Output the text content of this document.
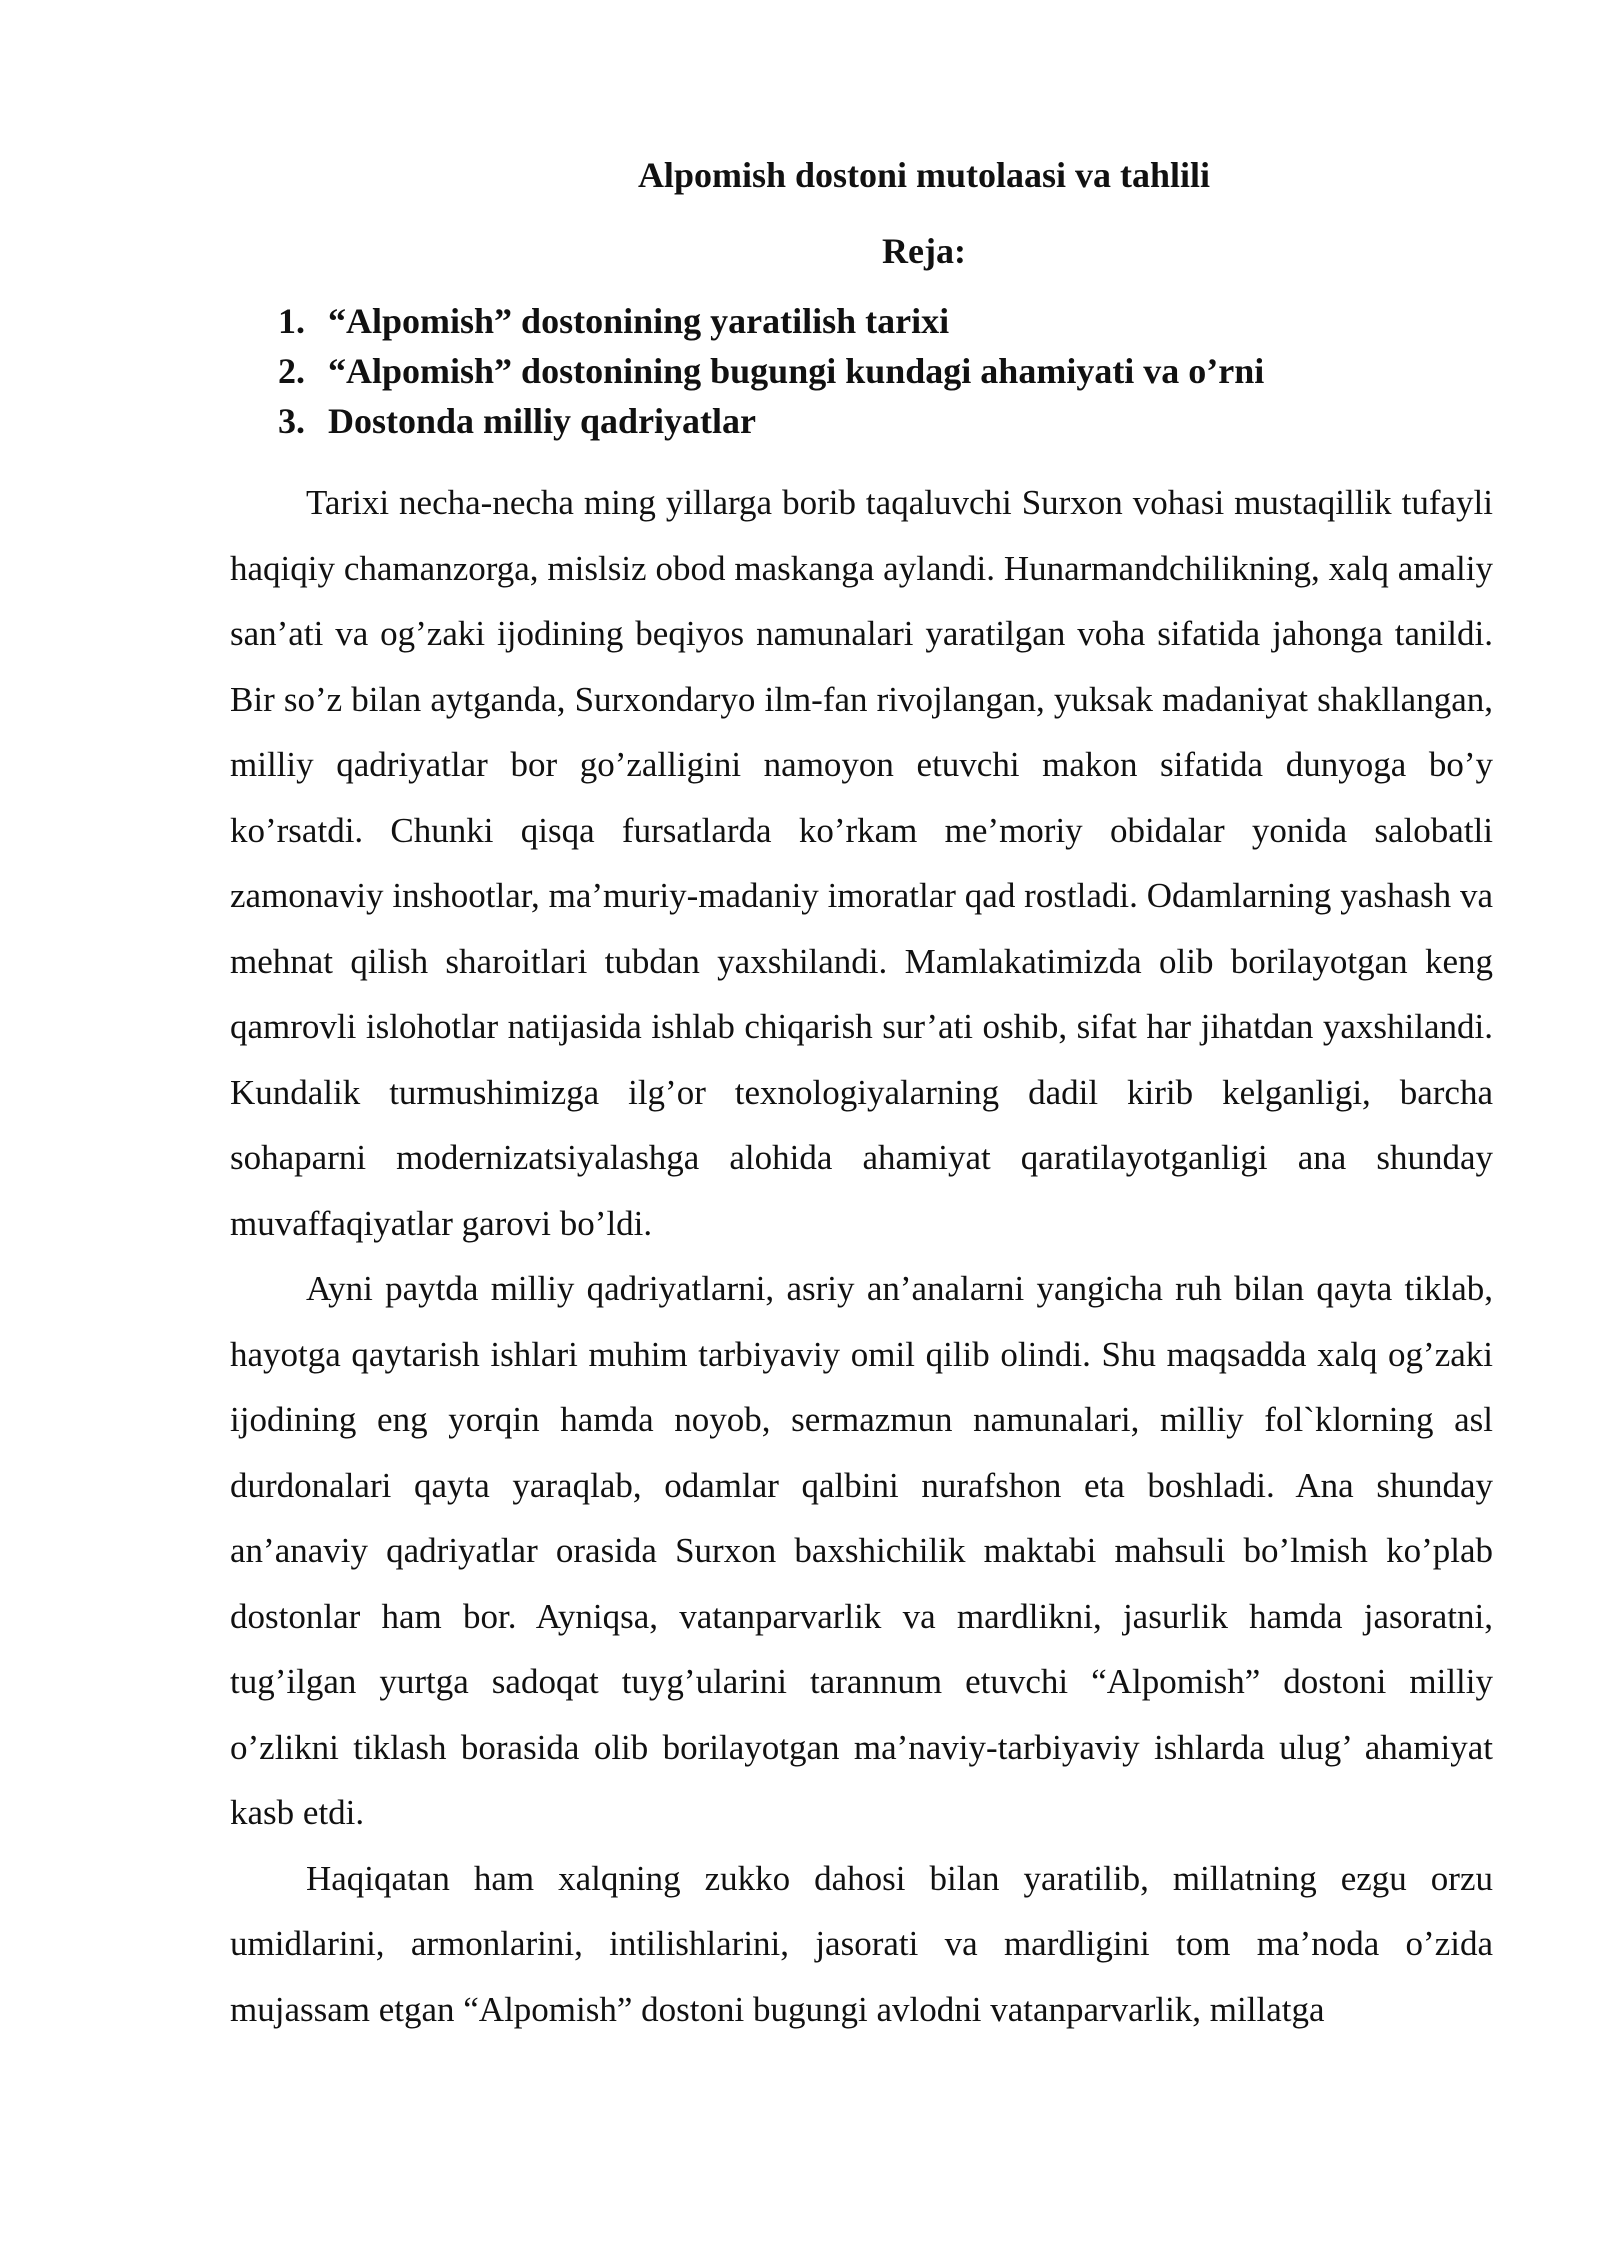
Alpomish dostoni mutolaasi va tahlili
Reja:
1. “Alpomish” dostonining yaratilish tarixi
2. “Alpomish” dostonining bugungi kundagi ahamiyati va o’rni
3. Dostonda milliy qadriyatlar

Tarixi necha-necha ming yillarga borib taqaluvchi Surxon vohasi mustaqillik tufayli haqiqiy chamanzorga, mislsiz obod maskanga aylandi. Hunarmandchilikning, xalq amaliy san’ati va og’zaki ijodining beqiyos namunalari yaratilgan voha sifatida jahonga tanildi. Bir so’z bilan aytganda, Surxondaryo ilm-fan rivojlangan, yuksak madaniyat shakllangan, milliy qadriyatlar bor go’zalligini namoyon etuvchi makon sifatida dunyoga bo’y ko’rsatdi. Chunki qisqa fursatlarda ko’rkam me’moriy obidalar yonida salobatli zamonaviy inshootlar, ma’muriy-madaniy imoratlar qad rostladi. Odamlarning yashash va mehnat qilish sharoitlari tubdan yaxshilandi. Mamlakatimizda olib borilayotgan keng qamrovli islohotlar natijasida ishlab chiqarish sur’ati oshib, sifat har jihatdan yaxshilandi. Kundalik turmushimizga ilg’or texnologiyalarning dadil kirib kelganligi, barcha sohaparni modernizatsiyalashga alohida ahamiyat qaratilayotganligi ana shunday muvaffaqiyatlar garovi bo’ldi.

Ayni paytda milliy qadriyatlarni, asriy an’analarni yangicha ruh bilan qayta tiklab, hayotga qaytarish ishlari muhim tarbiyaviy omil qilib olindi. Shu maqsadda xalq og’zaki ijodining eng yorqin hamda noyob, sermazmun namunalari, milliy fol`klorning asl durdonalari qayta yaraqlab, odamlar qalbini nurafshon eta boshladi. Ana shunday an’anaviy qadriyatlar orasida Surxon baxshichilik maktabi mahsuli bo’lmish ko’plab dostonlar ham bor. Ayniqsa, vatanparvarlik va mardlikni, jasurlik hamda jasoratni, tug’ilgan yurtga sadoqat tuyg’ularini tarannum etuvchi “Alpomish” dostoni milliy o’zlikni tiklash borasida olib borilayotgan ma’naviy-tarbiyaviy ishlarda ulug’ ahamiyat kasb etdi.

Haqiqatan ham xalqning zukko dahosi bilan yaratilib, millatning ezgu orzu umidlarini, armonlarini, intilishlarini, jasorati va mardligini tom ma’noda o’zida mujassam etgan “Alpomish” dostoni bugungi avlodni vatanparvarlik, millatga
